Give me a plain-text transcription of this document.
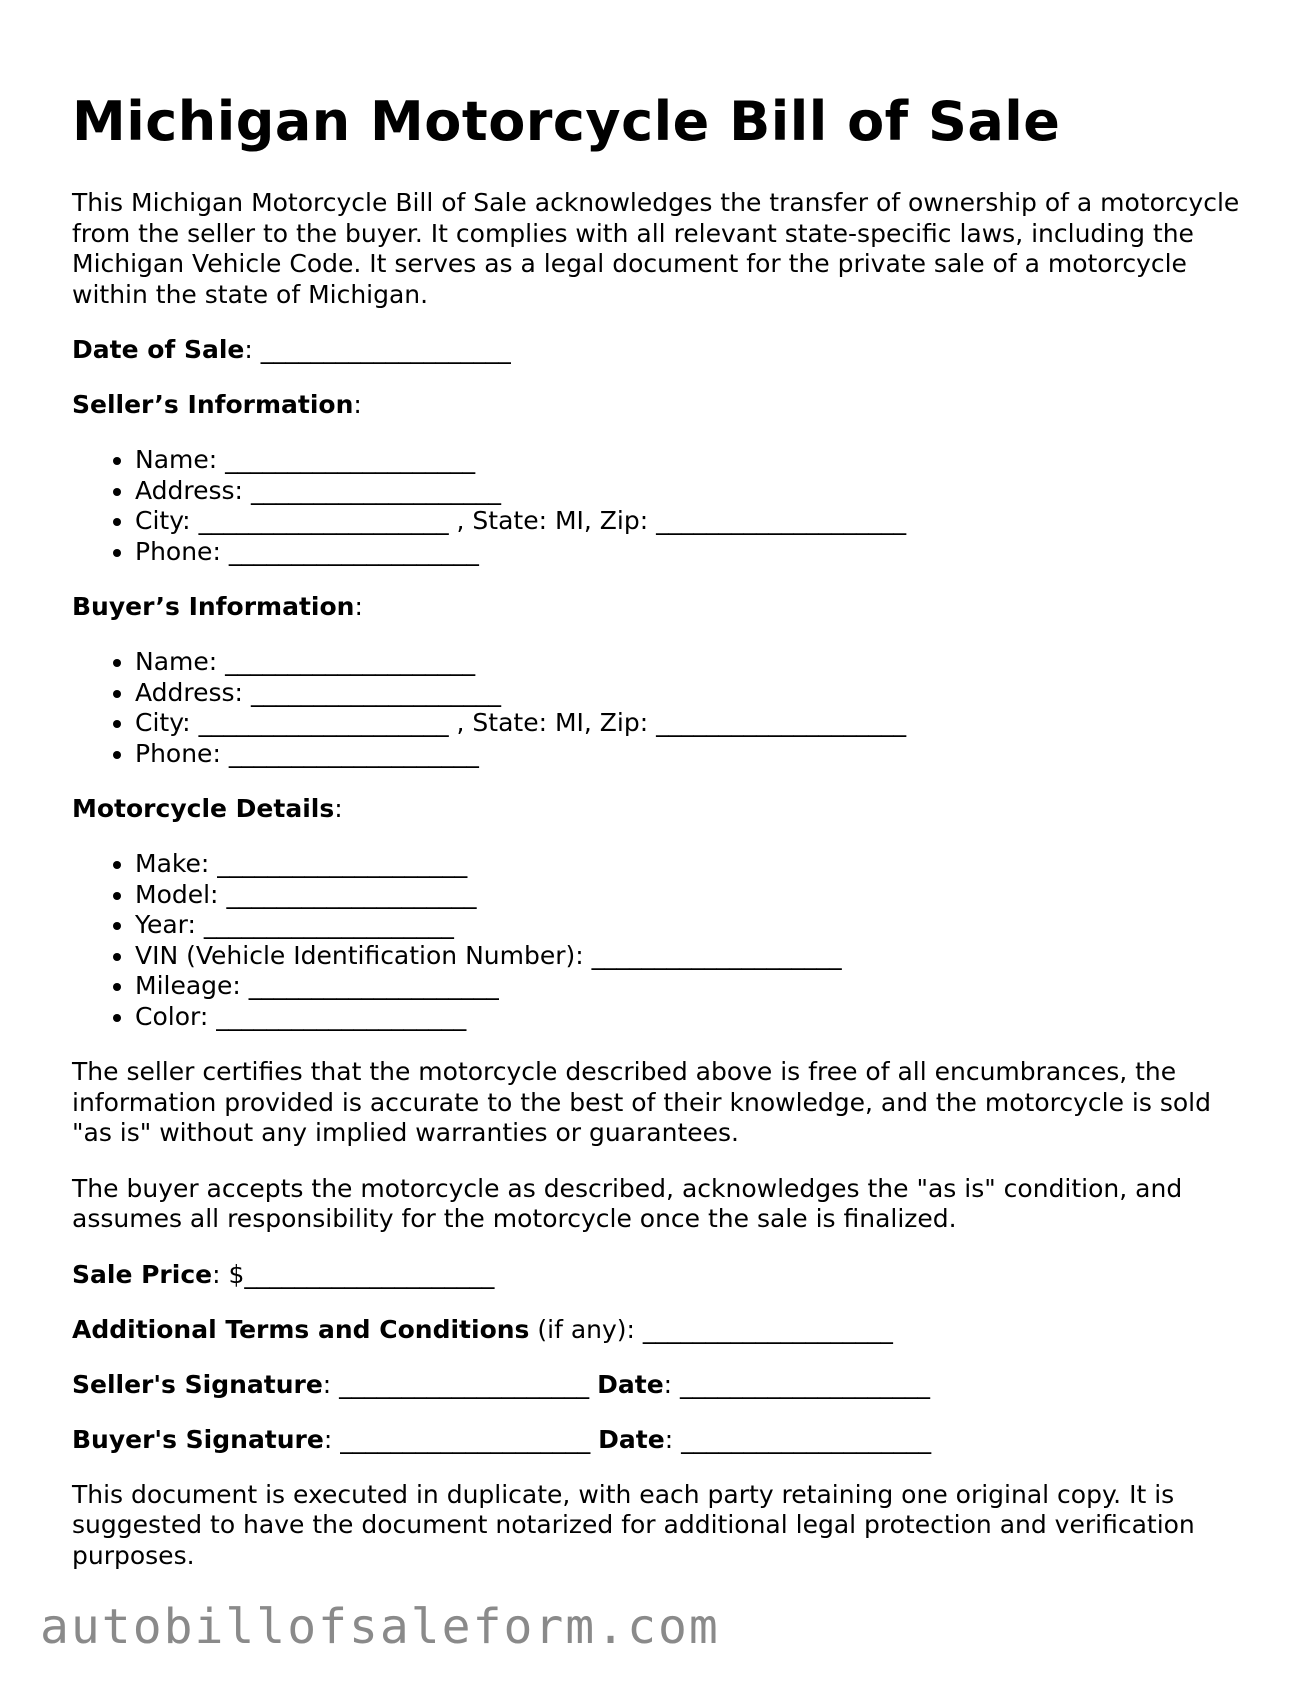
Michigan Motorcycle Bill of Sale

This Michigan Motorcycle Bill of Sale acknowledges the transfer of ownership of a motorcycle from the seller to the buyer. It complies with all relevant state-specific laws, including the Michigan Vehicle Code. It serves as a legal document for the private sale of a motorcycle within the state of Michigan.

Date of Sale: ____________________

Seller’s Information:

• Name: ____________________
• Address: ____________________
• City: ____________________ , State: MI, Zip: ____________________
• Phone: ____________________

Buyer’s Information:

• Name: ____________________
• Address: ____________________
• City: ____________________ , State: MI, Zip: ____________________
• Phone: ____________________

Motorcycle Details:

• Make: ____________________
• Model: ____________________
• Year: ____________________
• VIN (Vehicle Identification Number): ____________________
• Mileage: ____________________
• Color: ____________________

The seller certifies that the motorcycle described above is free of all encumbrances, the information provided is accurate to the best of their knowledge, and the motorcycle is sold "as is" without any implied warranties or guarantees.

The buyer accepts the motorcycle as described, acknowledges the "as is" condition, and assumes all responsibility for the motorcycle once the sale is finalized.

Sale Price: $____________________

Additional Terms and Conditions (if any): ____________________

Seller's Signature: ____________________ Date: ____________________

Buyer's Signature: ____________________ Date: ____________________

This document is executed in duplicate, with each party retaining one original copy. It is suggested to have the document notarized for additional legal protection and verification purposes.

autobillofsaleform.com
